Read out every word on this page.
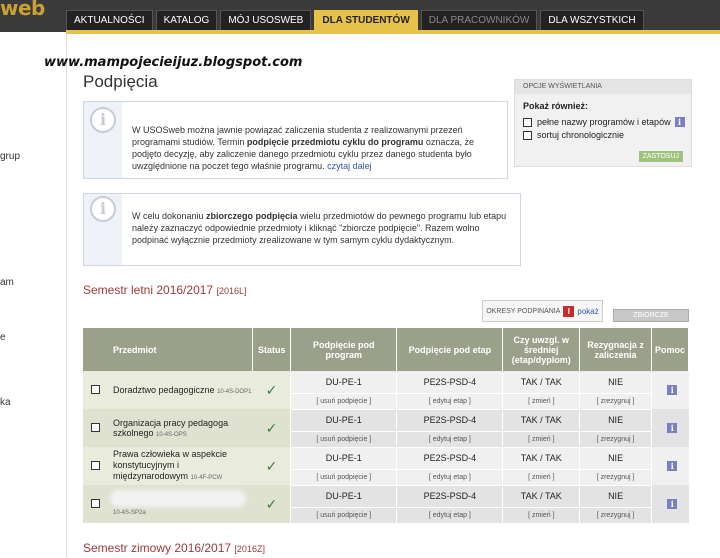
web
AKTUALNOŚCI	KATALOG	MÓJ USOSWEB	DLA STUDENTÓW	DLA PRACOWNIKÓW	DLA WSZYSTKICH
grup
am
e
ka
www.mampojecieijuz.blogspot.com
Podpięcia
i
W USOSweb można jawnie powiązać zaliczenia studenta z realizowanymi przezeń programami studiów. Termin podpięcie przedmiotu cyklu do programu oznacza, że podjęto decyzję, aby zaliczenie danego przedmiotu cyklu przez danego studenta było uwzględnione na poczet tego właśnie programu. czytaj dalej
i	W celu dokonaniu zbiorczego podpięcia wielu przedmiotów do pewnego programu lub etapu należy zaznaczyć odpowiednie przedmioty i kliknąć "zbiorcze podpięcie". Razem wolno podpinać wyłącznie przedmioty zrealizowane w tym samym cyklu dydaktycznym.
OPCJE WYŚWIETLANIA
Pokaż również:
pełne nazwy programów i etapów i
sortuj chronologicznie
ZASTOSUJ
Semestr letni 2016/2017 [2016L]
OKRESY PODPINANIA I pokaż	ZBIORCZE
Przedmiot	Status	Podpięcie pod program	Podpięcie pod etap	Czy uwzgl. w średniej (etap/dyplom)	Rezygnacja z zaliczenia	Pomoc

Doradztwo pedagogiczne 10-4S-DOP1	✓	DU-PE-1	PE2S-PSD-4	TAK / TAK	NIE	i
		[ usuń podpięcie ]	[ edytuj etap ]	[ zmień ]	[ zrezygnuj ]	

Organizacja pracy pedagoga szkolnego 10-4S-OPS	✓	DU-PE-1	PE2S-PSD-4	TAK / TAK	NIE	i
		[ usuń podpięcie ]	[ edytuj etap ]	[ zmień ]	[ zrezygnuj ]	

Prawa człowieka w aspekcie konstytucyjnym i międzynarodowym 10-4F-PCW	✓	DU-PE-1	PE2S-PSD-4	TAK / TAK	NIE	i
		[ usuń podpięcie ]	[ edytuj etap ]	[ zmień ]	[ zrezygnuj ]	

10-4S-SP2a	✓	DU-PE-1	PE2S-PSD-4	TAK / TAK	NIE	i
		[ usuń podpięcie ]	[ edytuj etap ]	[ zmień ]	[ zrezygnuj ]	
Semestr zimowy 2016/2017 [2016Z]
